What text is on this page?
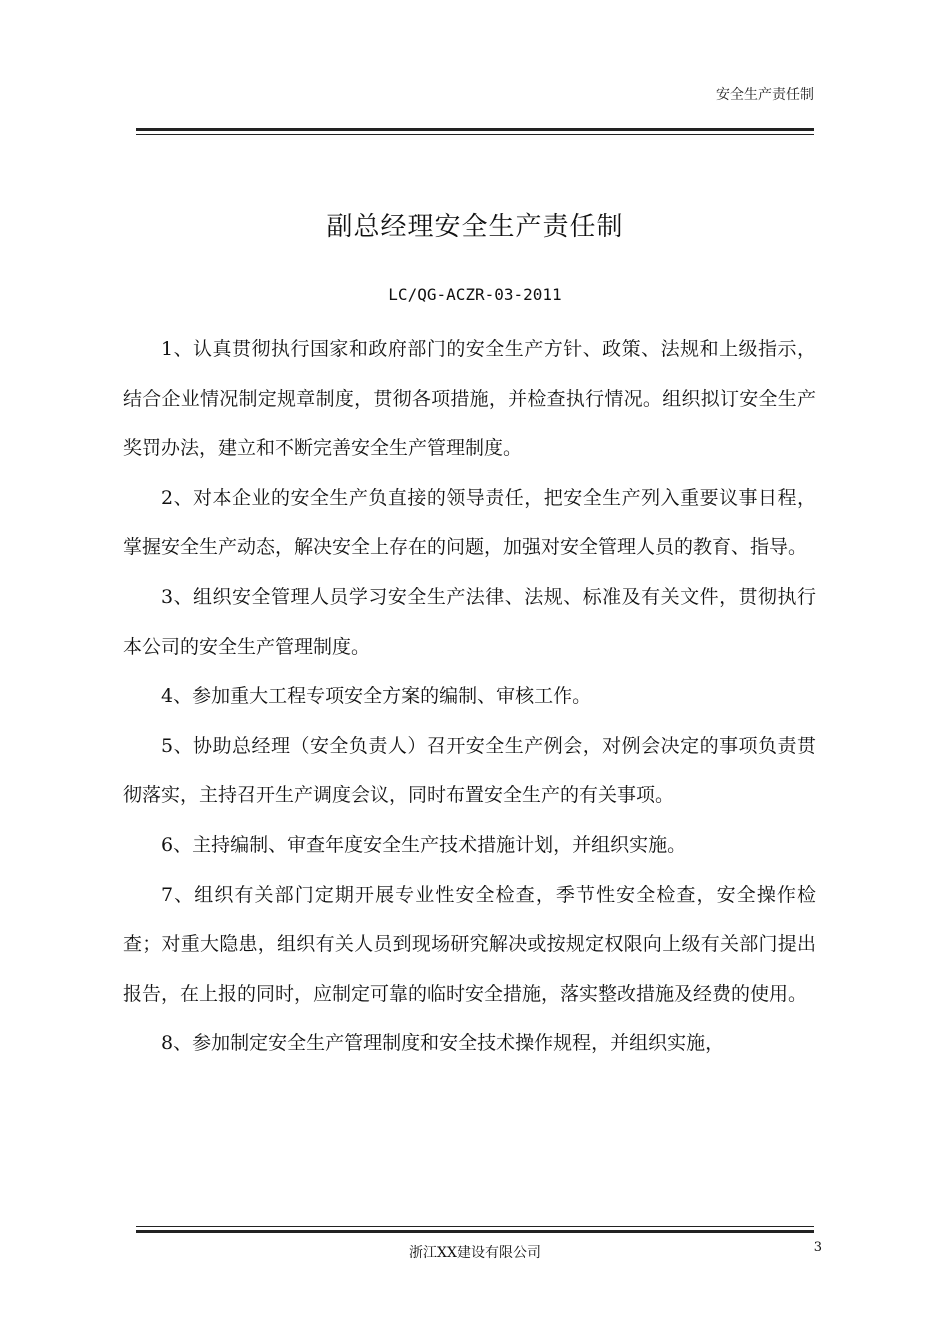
安全生产责任制
副总经理安全生产责任制
LC/QG-ACZR-03-2011

1、认真贯彻执行国家和政府部门的安全生产方针、政策、法规和上级指示，结合企业情况制定规章制度，贯彻各项措施，并检查执行情况。组织拟订安全生产奖罚办法，建立和不断完善安全生产管理制度。

2、对本企业的安全生产负直接的领导责任，把安全生产列入重要议事日程，掌握安全生产动态，解决安全上存在的问题，加强对安全管理人员的教育、指导。

3、组织安全管理人员学习安全生产法律、法规、标准及有关文件，贯彻执行本公司的安全生产管理制度。

4、参加重大工程专项安全方案的编制、审核工作。

5、协助总经理（安全负责人）召开安全生产例会，对例会决定的事项负责贯彻落实，主持召开生产调度会议，同时布置安全生产的有关事项。

6、主持编制、审查年度安全生产技术措施计划，并组织实施。

7、组织有关部门定期开展专业性安全检查，季节性安全检查，安全操作检查；对重大隐患，组织有关人员到现场研究解决或按规定权限向上级有关部门提出报告，在上报的同时，应制定可靠的临时安全措施，落实整改措施及经费的使用。

8、参加制定安全生产管理制度和安全技术操作规程，并组织实施，

浙江XX建设有限公司	3
